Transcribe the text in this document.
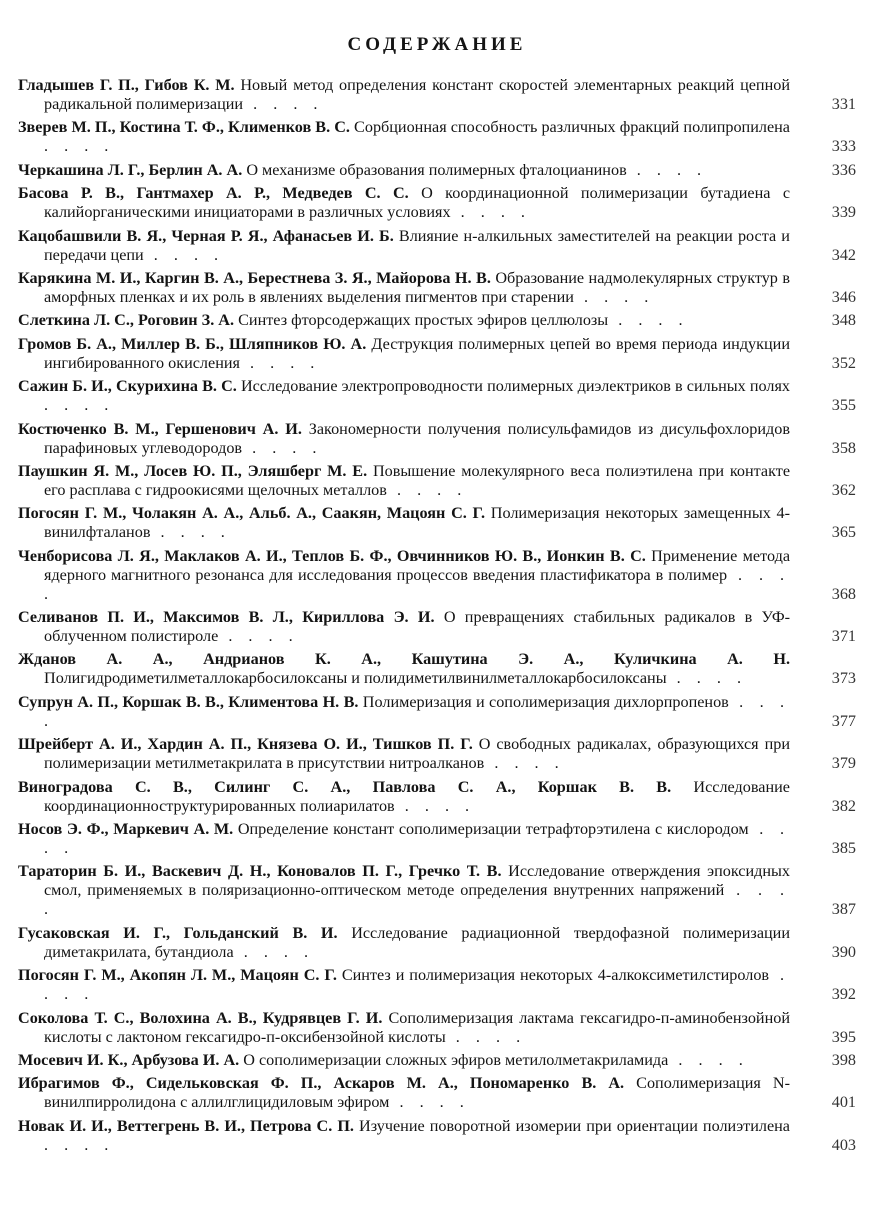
СОДЕРЖАНИЕ
Гладышев Г. П., Гибов К. М. Новый метод определения констант скоростей элементарных реакций цепной радикальной полимеризации . . . .	331
Зверев М. П., Костина Т. Ф., Клименков В. С. Сорбционная способность различных фракций полипропилена . . . .	333
Черкашина Л. Г., Берлин А. А. О механизме образования полимерных фталоцианинов . . . .	336
Басова Р. В., Гантмахер А. Р., Медведев С. С. О координационной полимеризации бутадиена с калийорганическими инициаторами в различных условиях . . . .	339
Кацобашвили В. Я., Черная Р. Я., Афанасьев И. Б. Влияние н-алкильных заместителей на реакции роста и передачи цепи . . . .	342
Карякина М. И., Каргин В. А., Берестнева З. Я., Майорова Н. В. Образование надмолекулярных структур в аморфных пленках и их роль в явлениях выделения пигментов при старении . . . .	346
Слеткина Л. С., Роговин З. А. Синтез фторсодержащих простых эфиров целлюлозы . . . .	348
Громов Б. А., Миллер В. Б., Шляпников Ю. А. Деструкция полимерных цепей во время периода индукции ингибированного окисления . . . .	352
Сажин Б. И., Скурихина В. С. Исследование электропроводности полимерных диэлектриков в сильных полях . . . .	355
Костюченко В. М., Гершенович А. И. Закономерности получения полисульфамидов из дисульфохлоридов парафиновых углеводородов . . . .	358
Паушкин Я. М., Лосев Ю. П., Эляшберг М. Е. Повышение молекулярного веса полиэтилена при контакте его расплава с гидроокисями щелочных металлов . . . .	362
Погосян Г. М., Чолакян А. А., Альб. А., Саакян, Мацоян С. Г. Полимеризация некоторых замещенных 4-винилфталанов . . . .	365
Ченборисова Л. Я., Маклаков А. И., Теплов Б. Ф., Овчинников Ю. В., Ионкин В. С. Применение метода ядерного магнитного резонанса для исследования процессов введения пластификатора в полимер . . . .	368
Селиванов П. И., Максимов В. Л., Кириллова Э. И. О превращениях стабильных радикалов в УФ-облученном полистироле . . . .	371
Жданов А. А., Андрианов К. А., Кашутина Э. А., Куличкина А. Н. Полигидродиметилметаллокарбосилоксаны и полидиметилвинилметаллокарбосилоксаны . . . .	373
Супрун А. П., Коршак В. В., Климентова Н. В. Полимеризация и сополимеризация дихлорпропенов . . . .	377
Шрейберт А. И., Хардин А. П., Князева О. И., Тишков П. Г. О свободных радикалах, образующихся при полимеризации метилметакрилата в присутствии нитроалканов . . . .	379
Виноградова С. В., Силинг С. А., Павлова С. А., Коршак В. В. Исследование координационноструктурированных полиарилатов . . . .	382
Носов Э. Ф., Маркевич А. М. Определение констант сополимеризации тетрафторэтилена с кислородом . . . .	385
Тараторин Б. И., Васкевич Д. Н., Коновалов П. Г., Гречко Т. В. Исследование отверждения эпоксидных смол, применяемых в поляризационно-оптическом методе определения внутренних напряжений . . . .	387
Гусаковская И. Г., Гольданский В. И. Исследование радиационной твердофазной полимеризации диметакрилата, бутандиола . . . .	390
Погосян Г. М., Акопян Л. М., Мацоян С. Г. Синтез и полимеризация некоторых 4-алкоксиметилстиролов . . . .	392
Соколова Т. С., Волохина А. В., Кудрявцев Г. И. Сополимеризация лактама гексагидро-п-аминобензойной кислоты с лактоном гексагидро-п-оксибензойной кислоты . . . .	395
Мосевич И. К., Арбузова И. А. О сополимеризации сложных эфиров метилолметакриламида . . . .	398
Ибрагимов Ф., Сидельковская Ф. П., Аскаров М. А., Пономаренко В. А. Сополимеризация N-винилпирролидона с аллилглицидиловым эфиром . . . .	401
Новак И. И., Веттегрень В. И., Петрова С. П. Изучение поворотной изомерии при ориентации полиэтилена . . . .	403
